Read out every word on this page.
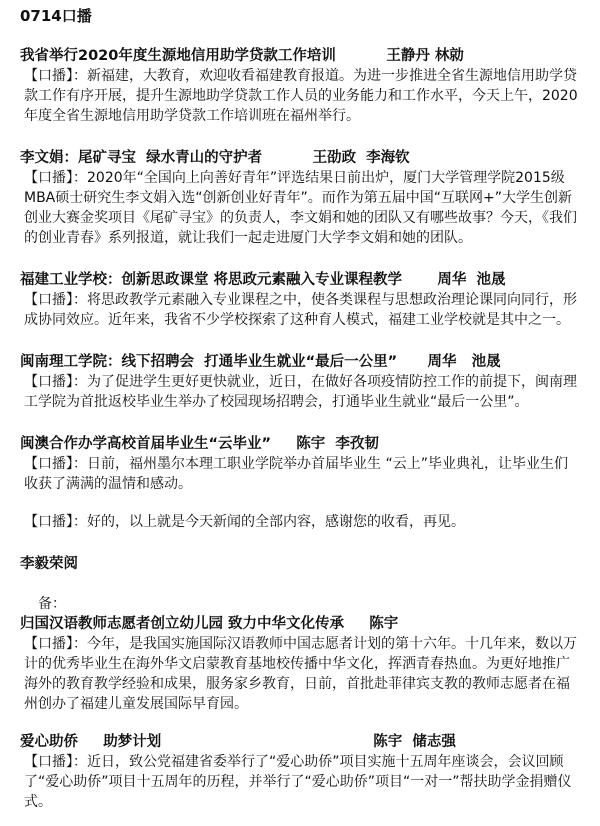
0714口播

我省举行2020年度生源地信用助学贷款工作培训          王静丹 林勍

【口播】：新福建，大教育，欢迎收看福建教育报道。为进一步推进全省生源地信用助学贷款工作有序开展，提升生源地助学贷款工作人员的业务能力和工作水平，今天上午，2020年度全省生源地信用助学贷款工作培训班在福州举行。

李文娟：尾矿寻宝  绿水青山的守护者          王劭政  李海钦

【口播】：2020年“全国向上向善好青年”评选结果日前出炉，厦门大学管理学院2015级MBA硕士研究生李文娟入选“创新创业好青年”。而作为第五届中国“互联网+”大学生创新创业大赛金奖项目《尾矿寻宝》的负责人，李文娟和她的团队又有哪些故事？今天，《我们的创业青春》系列报道，就让我们一起走进厦门大学李文娟和她的团队。

福建工业学校：创新思政课堂 将思政元素融入专业课程教学       周华  池晟

【口播】：将思政教学元素融入专业课程之中，使各类课程与思想政治理论课同向同行，形成协同效应。近年来，我省不少学校探索了这种育人模式，福建工业学校就是其中之一。

闽南理工学院：线下招聘会  打通毕业生就业“最后一公里”      周华   池晟

【口播】：为了促进学生更好更快就业，近日，在做好各项疫情防控工作的前提下，闽南理工学院为首批返校毕业生举办了校园现场招聘会，打通毕业生就业“最后一公里”。

闽澳合作办学高校首届毕业生“云毕业”     陈宇  李孜韧

【口播】：日前，福州墨尔本理工职业学院举办首届毕业生 “云上”毕业典礼，让毕业生们收获了满满的温情和感动。

【口播】：好的，以上就是今天新闻的全部内容，感谢您的收看，再见。

李毅荣阅

备：

归国汉语教师志愿者创立幼儿园 致力中华文化传承     陈宇

【口播】：今年，是我国实施国际汉语教师中国志愿者计划的第十六年。十几年来，数以万计的优秀毕业生在海外华文启蒙教育基地校传播中华文化，挥洒青春热血。为更好地推广海外的教育教学经验和成果，服务家乡教育，日前，首批赴菲律宾支教的教师志愿者在福州创办了福建儿童发展国际早育园。

爱心助侨     助梦计划                                          陈宇  储志强

【口播】：近日，致公党福建省委举行了“爱心助侨”项目实施十五周年座谈会，会议回顾了“爱心助侨”项目十五周年的历程，并举行了“爱心助侨”项目“一对一”帮扶助学金捐赠仪式。
